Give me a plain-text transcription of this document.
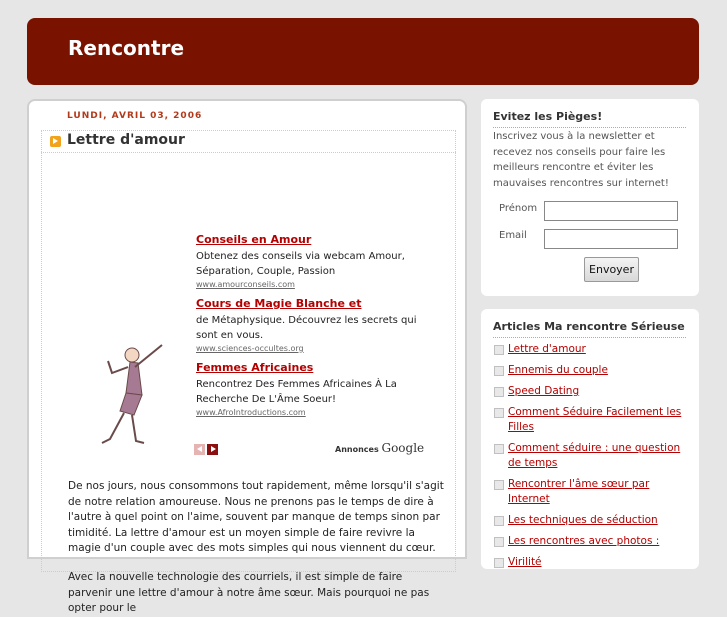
Rencontre
LUNDI, AVRIL 03, 2006
Lettre d'amour
Conseils en Amour
Obtenez des conseils via webcam Amour, Séparation, Couple, Passion
www.amourconseils.com
Cours de Magie Blanche et
de Métaphysique. Découvrez les secrets qui sont en vous.
www.sciences-occultes.org
Femmes Africaines
Rencontrez Des Femmes Africaines À La Recherche De L'Âme Soeur!
www.AfroIntroductions.com
Annonces Google
De nos jours, nous consommons tout rapidement, même lorsqu'il s'agit de notre relation amoureuse. Nous ne prenons pas le temps de dire à l'autre à quel point on l'aime, souvent par manque de temps sinon par timidité. La lettre d'amour est un moyen simple de faire revivre la magie d'un couple avec des mots simples qui nous viennent du cœur.
Avec la nouvelle technologie des courriels, il est simple de faire parvenir une lettre d'amour à notre âme sœur. Mais pourquoi ne pas opter pour le
Evitez les Pièges!
Inscrivez vous à la newsletter et recevez nos conseils pour faire les meilleurs rencontre et éviter les mauvaises rencontres sur internet!
Prénom
Email
Envoyer
Articles Ma rencontre Sérieuse
Lettre d'amour
Ennemis du couple
Speed Dating
Comment Séduire Facilement les Filles
Comment séduire : une question de temps
Rencontrer l'âme sœur par Internet
Les techniques de séduction
Les rencontres avec photos :
Virilité
